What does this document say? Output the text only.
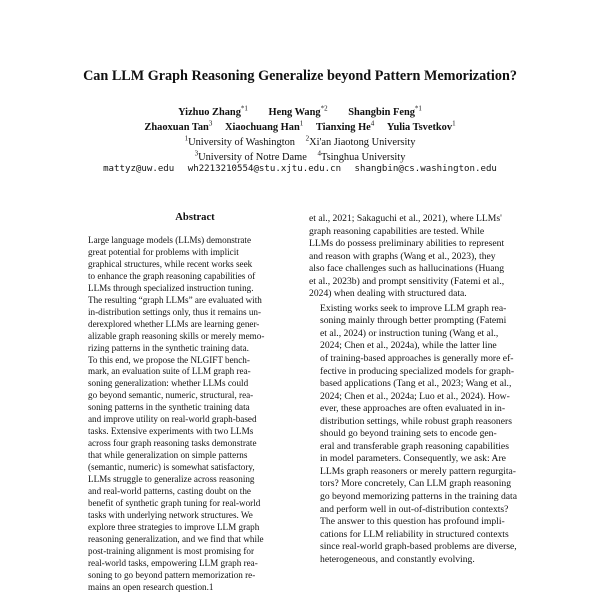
Can LLM Graph Reasoning Generalize beyond Pattern Memorization?
Yizhuo Zhang$^{*1}$ Heng Wang$^{*2}$ Shangbin Feng$^{*1}$
Zhaoxuan Tan$^3$ Xiaochuang Han$^1$ Tianxing He$^4$ Yulia Tsvetkov$^1$
$^1$University of Washington $^2$Xi'an Jiaotong University
$^3$University of Notre Dame $^4$Tsinghua University
mattyz@uw.edu wh2213210554@stu.xjtu.edu.cn shangbin@cs.washington.edu
Abstract
Large language models (LLMs) demonstrate
great potential for problems with implicit
graphical structures, while recent works seek
to enhance the graph reasoning capabilities of
LLMs through specialized instruction tuning.
The resulting “graph LLMs” are evaluated with
in-distribution settings only, thus it remains un-
derexplored whether LLMs are learning gener-
alizable graph reasoning skills or merely memo-
rizing patterns in the synthetic training data.
To this end, we propose the NLGIFT bench-
mark, an evaluation suite of LLM graph rea-
soning generalization: whether LLMs could
go beyond semantic, numeric, structural, rea-
soning patterns in the synthetic training data
and improve utility on real-world graph-based
tasks. Extensive experiments with two LLMs
across four graph reasoning tasks demonstrate
that while generalization on simple patterns
(semantic, numeric) is somewhat satisfactory,
LLMs struggle to generalize across reasoning
and real-world patterns, casting doubt on the
benefit of synthetic graph tuning for real-world
tasks with underlying network structures. We
explore three strategies to improve LLM graph
reasoning generalization, and we find that while
post-training alignment is most promising for
real-world tasks, empowering LLM graph rea-
soning to go beyond pattern memorization re-
mains an open research question.1
et al., 2021; Sakaguchi et al., 2021), where LLMs'
graph reasoning capabilities are tested. While
LLMs do possess preliminary abilities to represent
and reason with graphs (Wang et al., 2023), they
also face challenges such as hallucinations (Huang
et al., 2023b) and prompt sensitivity (Fatemi et al.,
2024) when dealing with structured data.
Existing works seek to improve LLM graph rea-
soning mainly through better prompting (Fatemi
et al., 2024) or instruction tuning (Wang et al.,
2024; Chen et al., 2024a), while the latter line
of training-based approaches is generally more ef-
fective in producing specialized models for graph-
based applications (Tang et al., 2023; Wang et al.,
2024; Chen et al., 2024a; Luo et al., 2024). How-
ever, these approaches are often evaluated in in-
distribution settings, while robust graph reasoners
should go beyond training sets to encode gen-
eral and transferable graph reasoning capabilities
in model parameters. Consequently, we ask: Are
LLMs graph reasoners or merely pattern regurgita-
tors? More concretely, Can LLM graph reasoning
go beyond memorizing patterns in the training data
and perform well in out-of-distribution contexts?
The answer to this question has profound impli-
cations for LLM reliability in structured contexts
since real-world graph-based problems are diverse,
heterogeneous, and constantly evolving.
